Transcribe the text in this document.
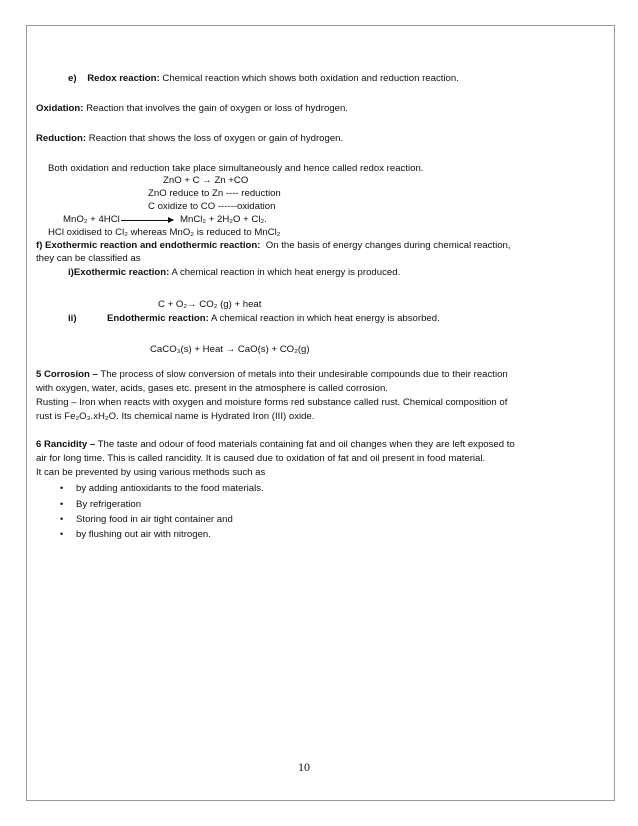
e) Redox reaction: Chemical reaction which shows both oxidation and reduction reaction.
Oxidation: Reaction that involves the gain of oxygen or loss of hydrogen.
Reduction: Reaction that shows the loss of oxygen or gain of hydrogen.
Both oxidation and reduction take place simultaneously and hence called redox reaction.
ZnO + C → Zn +CO
ZnO reduce to Zn ---- reduction
C oxidize to CO ------oxidation
MnO₂ + 4HCl	MnCl₂ + 2H₂O + Cl₂.
HCl oxidised to Cl₂ whereas MnO₂ is reduced to MnCl₂
f) Exothermic reaction and endothermic reaction: On the basis of energy changes during chemical reaction,
they can be classified as
i)Exothermic reaction: A chemical reaction in which heat energy is produced.
C + O₂→ CO₂ (g) + heat
ii)	Endothermic reaction: A chemical reaction in which heat energy is absorbed.
CaCO₃(s) + Heat → CaO(s) + CO₂(g)
5 Corrosion – The process of slow conversion of metals into their undesirable compounds due to their reaction
with oxygen, water, acids, gases etc. present in the atmosphere is called corrosion.
Rusting – Iron when reacts with oxygen and moisture forms red substance called rust. Chemical composition of
rust is Fe₂O₃.xH₂O. Its chemical name is Hydrated Iron (III) oxide.
6 Rancidity – The taste and odour of food materials containing fat and oil changes when they are left exposed to
air for long time. This is called rancidity. It is caused due to oxidation of fat and oil present in food material.
It can be prevented by using various methods such as
• by adding antioxidants to the food materials.
• By refrigeration
• Storing food in air tight container and
• by flushing out air with nitrogen.
10
